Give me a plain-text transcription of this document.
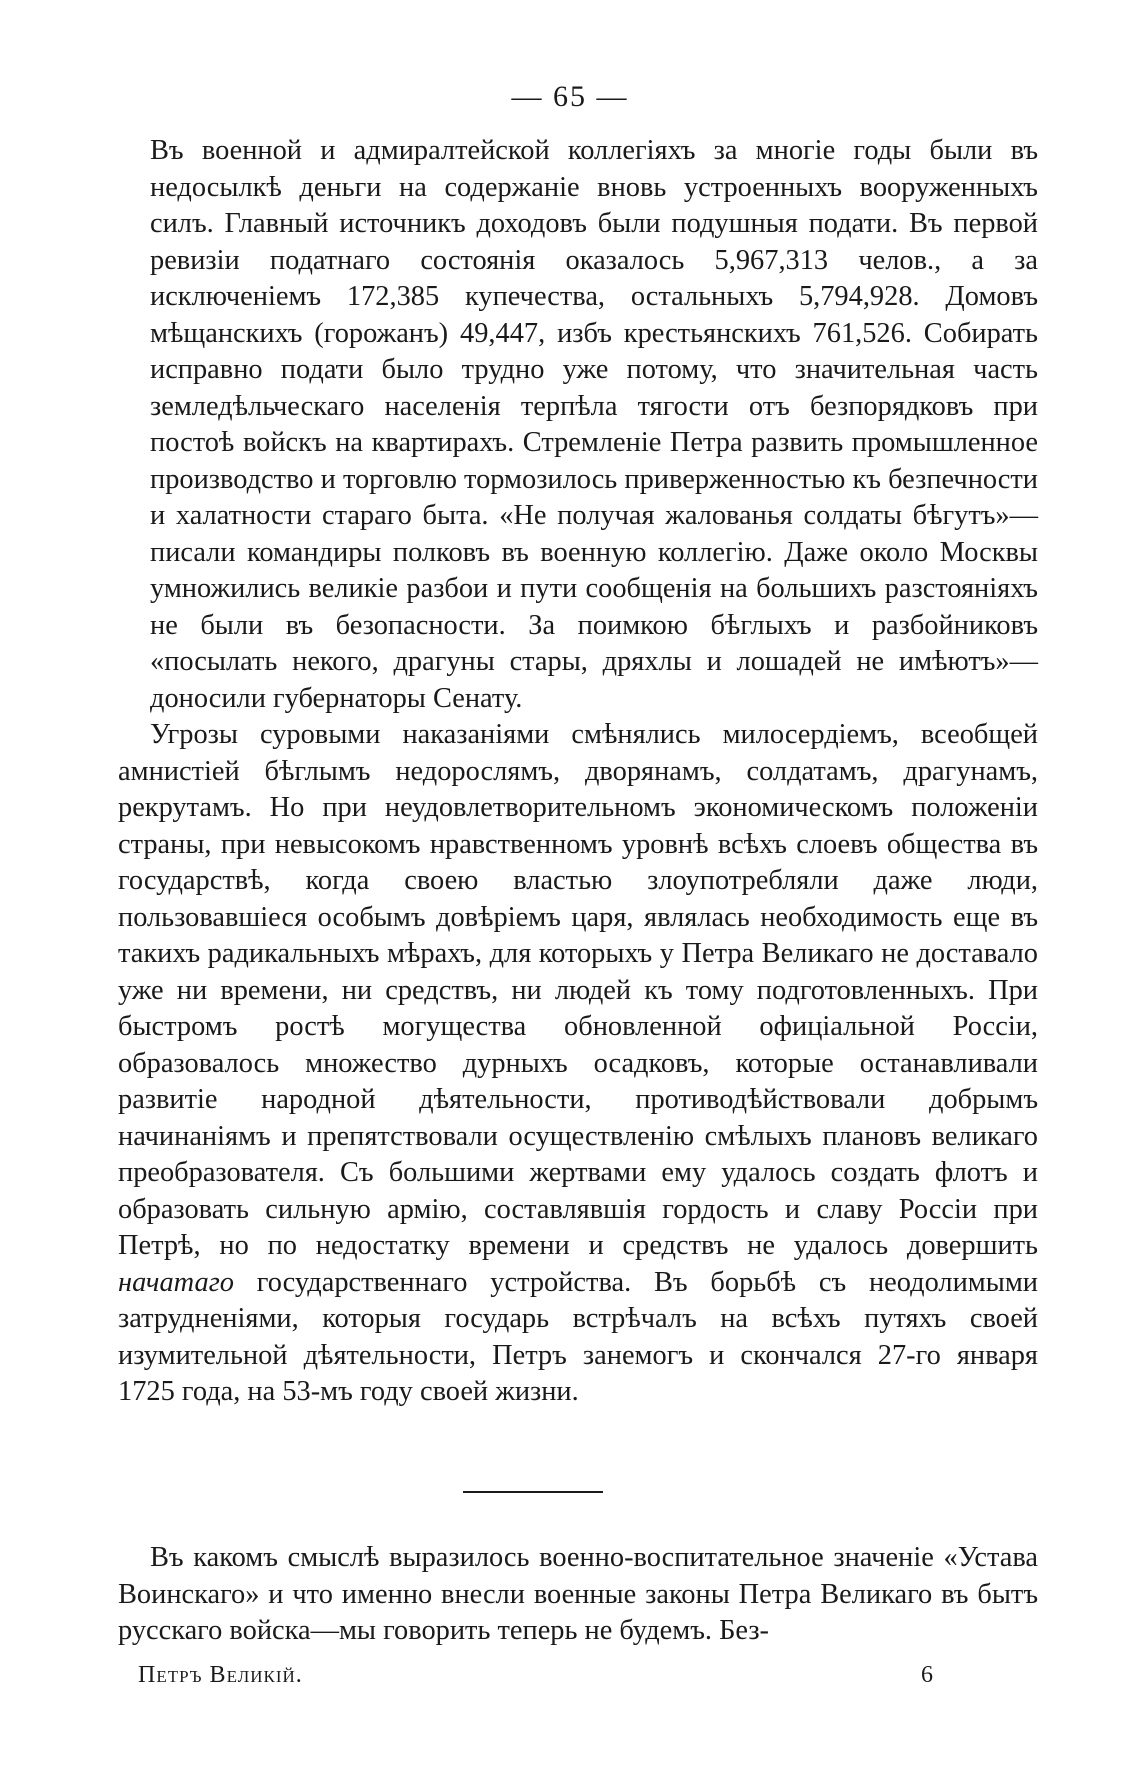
— 65 —

Въ военной и адмиралтейской коллегіяхъ за многіе годы были въ недосылкѣ деньги на содержаніе вновь устроенныхъ вооруженныхъ силъ. Главный источникъ доходовъ были подушныя подати. Въ первой ревизіи податнаго состоянія оказалось 5,967,313 челов., а за исключеніемъ 172,385 купечества, остальныхъ 5,794,928. Домовъ мѣщанскихъ (горожанъ) 49,447, избъ крестьянскихъ 761,526. Собирать исправно подати было трудно уже потому, что значительная часть земледѣльческаго населенія терпѣла тягости отъ безпорядковъ при постоѣ войскъ на квартирахъ. Стремленіе Петра развить промышленное производство и торговлю тормозилось приверженностью къ безпечности и халатности стараго быта. «Не получая жалованья солдаты бѣгутъ»—писали командиры полковъ въ военную коллегію. Даже около Москвы умножились великіе разбои и пути сообщенія на большихъ разстояніяхъ не были въ безопасности. За поимкою бѣглыхъ и разбойниковъ «посылать некого, драгуны стары, дряхлы и лошадей не имѣютъ»—доносили губернаторы Сенату.

Угрозы суровыми наказаніями смѣнялись милосердіемъ, всеобщей амнистіей бѣглымъ недорослямъ, дворянамъ, солдатамъ, драгунамъ, рекрутамъ. Но при неудовлетворительномъ экономическомъ положеніи страны, при невысокомъ нравственномъ уровнѣ всѣхъ слоевъ общества въ государствѣ, когда своею властью злоупотребляли даже люди, пользовавшіеся особымъ довѣріемъ царя, являлась необходимость еще въ такихъ радикальныхъ мѣрахъ, для которыхъ у Петра Великаго не доставало уже ни времени, ни средствъ, ни людей къ тому подготовленныхъ. При быстромъ ростѣ могущества обновленной офиціальной Россіи, образовалось множество дурныхъ осадковъ, которые останавливали развитіе народной дѣятельности, противодѣйствовали добрымъ начинаніямъ и препятствовали осуществленію смѣлыхъ плановъ великаго преобразователя. Съ большими жертвами ему удалось создать флотъ и образовать сильную армію, составлявшія гордость и славу Россіи при Петрѣ, но по недостатку времени и средствъ не удалось довершить начатаго государственнаго устройства. Въ борьбѣ съ неодолимыми затрудненіями, которыя государь встрѣчалъ на всѣхъ путяхъ своей изумительной дѣятельности, Петръ занемогъ и скончался 27-го января 1725 года, на 53-мъ году своей жизни.

Въ какомъ смыслѣ выразилось военно-воспитательное значеніе «Устава Воинскаго» и что именно внесли военные законы Петра Великаго въ бытъ русскаго войска—мы говорить теперь не будемъ. Без-

Петръ Великій.	6
